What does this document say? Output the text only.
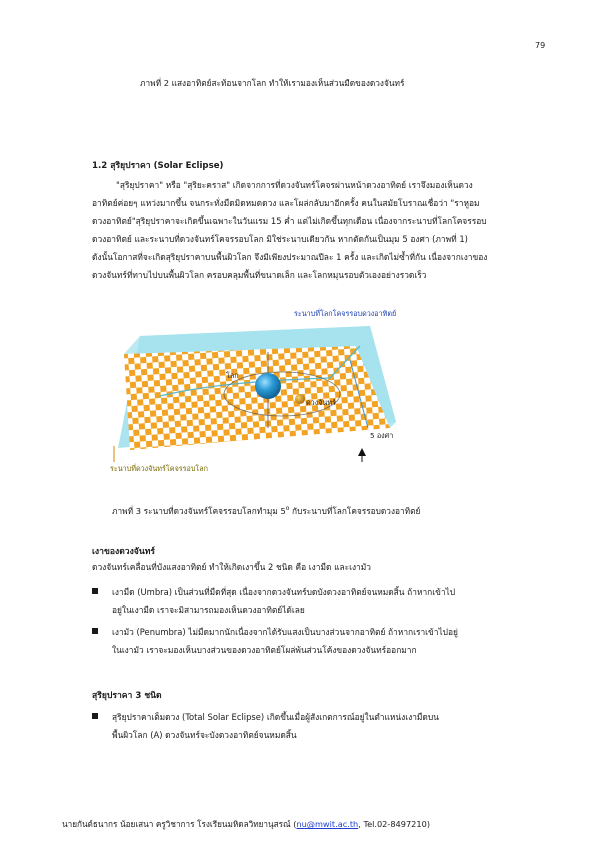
79
ภาพที่ 2 แสงอาทิตย์สะท้อนจากโลก ทำให้เรามองเห็นส่วนมืดของดวงจันทร์
1.2 สุริยุปราคา (Solar Eclipse)

"สุริยุปราคา" หรือ "สุริยะคราส" เกิดจากการที่ดวงจันทร์โคจรผ่านหน้าดวงอาทิตย์ เราจึงมองเห็นดวง

อาทิตย์ค่อยๆ แหว่งมากขึ้น จนกระทั่งมืดมิดหมดดวง และโผล่กลับมาอีกครั้ง คนในสมัยโบราณเชื่อว่า "ราหูอม

ดวงอาทิตย์"สุริยุปราคาจะเกิดขึ้นเฉพาะในวันแรม 15 ค่ำ แต่ไม่เกิดขึ้นทุกเดือน เนื่องจากระนาบที่โลกโคจรรอบ

ดวงอาทิตย์ และระนาบที่ดวงจันทร์โคจรรอบโลก มิใช่ระนาบเดียวกัน หากตัดกันเป็นมุม 5 องศา (ภาพที่ 1)

ดังนั้นโอกาสที่จะเกิดสุริยุปราคาบนพื้นผิวโลก จึงมีเพียงประมาณปีละ 1 ครั้ง และเกิดไม่ซ้ำที่กัน เนื่องจากเงาของ

ดวงจันทร์ที่ทาบไปบนพื้นผิวโลก ครอบคลุมพื้นที่ขนาดเล็ก และโลกหมุนรอบตัวเองอย่างรวดเร็ว

ระนาบที่โลกโคจรรอบดวงอาทิตย์
โลก
ดวงจันทร์
5 องศา
ระนาบที่ดวงจันทร์โคจรรอบโลก
ภาพที่ 3 ระนาบที่ดวงจันทร์โคจรรอบโลกทำมุม 5$^o$ กับระนาบที่โลกโคจรรอบดวงอาทิตย์
เงาของดวงจันทร์
ดวงจันทร์เคลื่อนที่บังแสงอาทิตย์ ทำให้เกิดเงาขึ้น 2 ชนิด คือ เงามืด และเงามัว
เงามืด (Umbra) เป็นส่วนที่มืดที่สุด เนื่องจากดวงจันทร์บดบังดวงอาทิตย์จนหมดสิ้น ถ้าหากเข้าไป
อยู่ในเงามืด เราจะมิสามารถมองเห็นดวงอาทิตย์ได้เลย
เงามัว (Penumbra) ไม่มืดมากนักเนื่องจากได้รับแสงเป็นบางส่วนจากอาทิตย์ ถ้าหากเราเข้าไปอยู่
ในเงามัว เราจะมองเห็นบางส่วนของดวงอาทิตย์โผล่พ้นส่วนโค้งของดวงจันทร์ออกมาก
สุริยุปราคา 3 ชนิด
สุริยุปราคาเต็มดวง (Total Solar Eclipse) เกิดขึ้นเมื่อผู้สังเกตการณ์อยู่ในตำแหน่งเงามืดบน
พื้นผิวโลก (A) ดวงจันทร์จะบังดวงอาทิตย์จนหมดสิ้น
นายกันต์ธนากร น้อยเสนา ครูวิชาการ โรงเรียนมหิดลวิทยานุสรณ์ (nu@mwit.ac.th, Tel.02-8497210)
